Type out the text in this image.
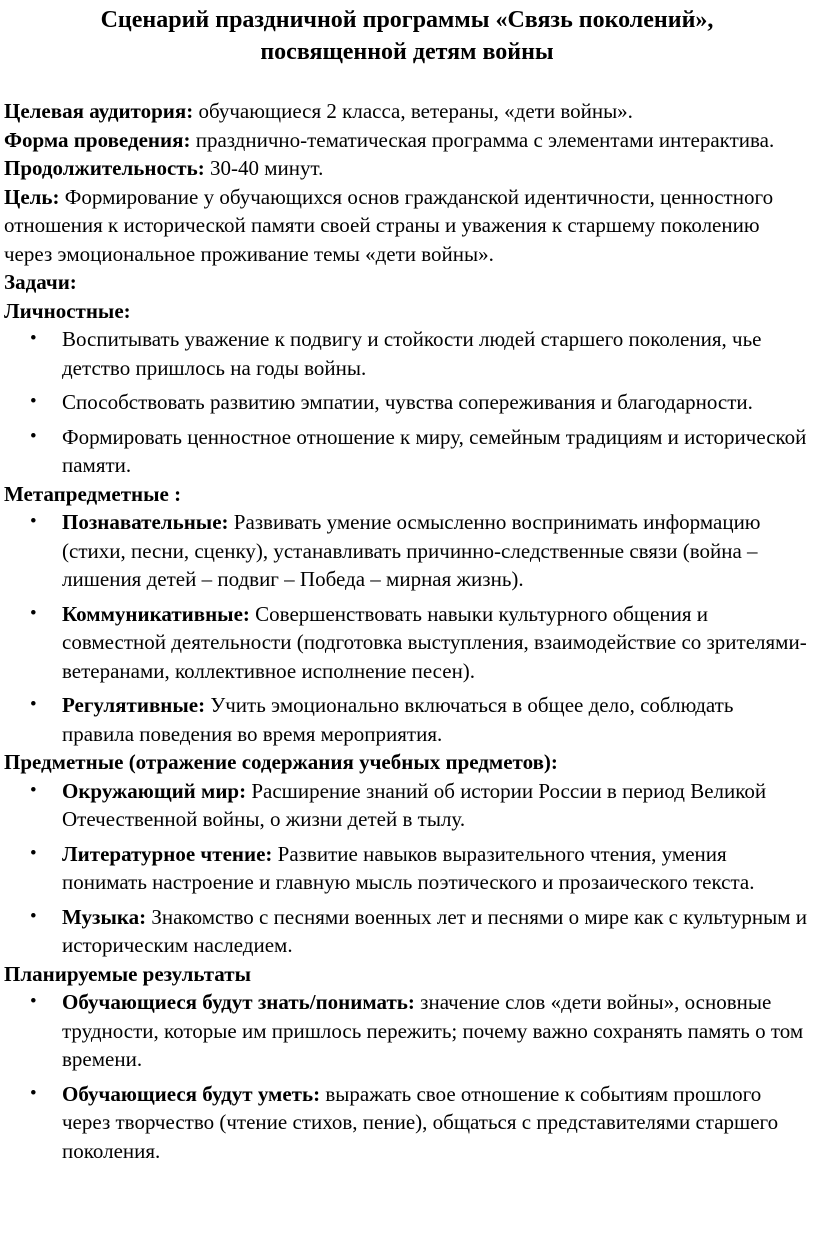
Сценарий праздничной программы «Связь поколений»,
посвященной детям войны

Целевая аудитория: обучающиеся 2 класса, ветераны, «дети войны».

Форма проведения: празднично-тематическая программа с элементами интерактива.

Продолжительность: 30-40 минут.

Цель: Формирование у обучающихся основ гражданской идентичности, ценностного отношения к исторической памяти своей страны и уважения к старшему поколению через эмоциональное проживание темы «дети войны».

Задачи:

Личностные:

• Воспитывать уважение к подвигу и стойкости людей старшего поколения, чье детство пришлось на годы войны.
• Способствовать развитию эмпатии, чувства сопереживания и благодарности.
• Формировать ценностное отношение к миру, семейным традициям и исторической памяти.

Метапредметные :

• Познавательные: Развивать умение осмысленно воспринимать информацию (стихи, песни, сценку), устанавливать причинно-следственные связи (война – лишения детей – подвиг – Победа – мирная жизнь).
• Коммуникативные: Совершенствовать навыки культурного общения и совместной деятельности (подготовка выступления, взаимодействие со зрителями-ветеранами, коллективное исполнение песен).
• Регулятивные: Учить эмоционально включаться в общее дело, соблюдать правила поведения во время мероприятия.

Предметные (отражение содержания учебных предметов):

• Окружающий мир: Расширение знаний об истории России в период Великой Отечественной войны, о жизни детей в тылу.
• Литературное чтение: Развитие навыков выразительного чтения, умения понимать настроение и главную мысль поэтического и прозаического текста.
• Музыка: Знакомство с песнями военных лет и песнями о мире как с культурным и историческим наследием.

Планируемые результаты

• Обучающиеся будут знать/понимать: значение слов «дети войны», основные трудности, которые им пришлось пережить; почему важно сохранять память о том времени.
• Обучающиеся будут уметь: выражать свое отношение к событиям прошлого через творчество (чтение стихов, пение), общаться с представителями старшего поколения.
